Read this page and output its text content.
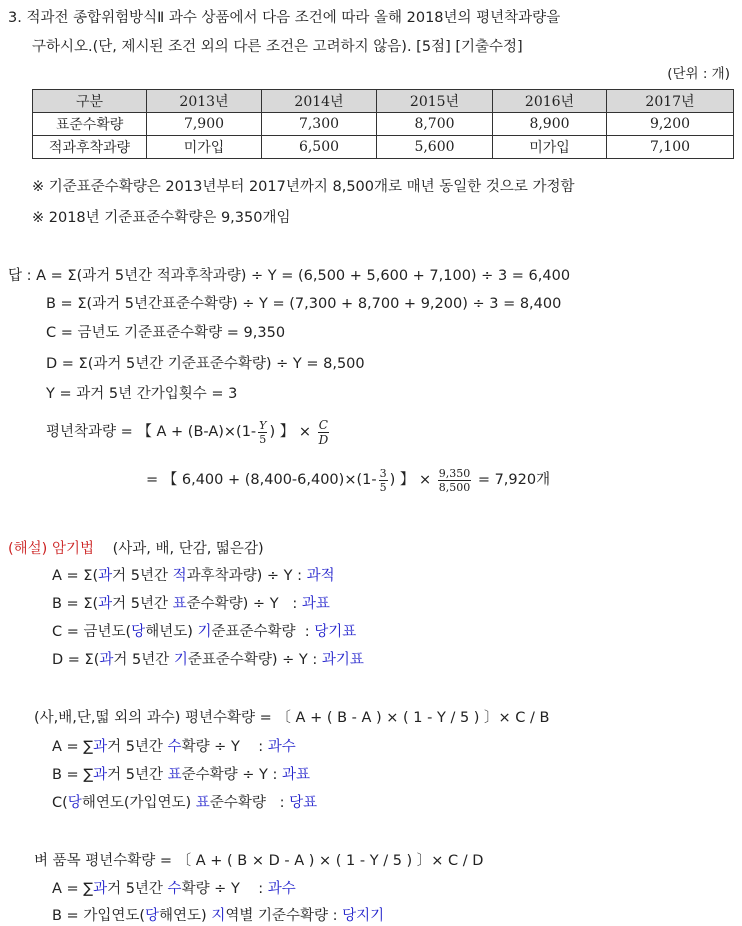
3. 적과전 종합위험방식Ⅱ 과수 상품에서 다음 조건에 따라 올해 2018년의 평년착과량을
구하시오.(단, 제시된 조건 외의 다른 조건은 고려하지 않음). [5점] [기출수정]
(단위 : 개)
구분	2013년	2014년	2015년	2016년	2017년
표준수확량	7,900	7,300	8,700	8,900	9,200
적과후착과량	미가입	6,500	5,600	미가입	7,100
※ 기준표준수확량은 2013년부터 2017년까지 8,500개로 매년 동일한 것으로 가정함
※ 2018년 기준표준수확량은 9,350개임
답 : A = Σ(과거 5년간 적과후착과량) ÷ Y = (6,500 + 5,600 + 7,100) ÷ 3 = 6,400
B = Σ(과거 5년간표준수확량) ÷ Y = (7,300 + 8,700 + 9,200) ÷ 3 = 8,400
C = 금년도 기준표준수확량 = 9,350
D = Σ(과거 5년간 기준표준수확량) ÷ Y = 8,500
Y = 과거 5년 간가입횟수 = 3
평년착과량 = 【 $A + (B-A)\times(1- \frac{Y}{5}$ ) 】 × $\frac{C}{D}$
= 【 $6,400 + (8,400-6,400)\times(1- \frac{3}{5}$ ) 】 × $\frac{9,350}{8,500} = 7,920$개
(해설) 암기법 (사과, 배, 단감, 떫은감)
A = Σ(과거 5년간 적과후착과량) ÷ Y : 과적
B = Σ(과거 5년간 표준수확량) ÷ Y   : 과표
C = 금년도(당해년도) 기준표준수확량  : 당기표
D = Σ(과거 5년간 기준표준수확량) ÷ Y : 과기표
(사,배,단,떫 외의 과수) 평년수확량 = 〔 A + ( B - A ) × ( 1 - Y / 5 ) 〕× C / B
A = ∑과거 5년간 수확량 ÷ Y    : 과수
B = ∑과거 5년간 표준수확량 ÷ Y : 과표
C(당해연도(가입연도) 표준수확량   : 당표
벼 품목 평년수확량 = 〔 A + ( B × D - A ) × ( 1 - Y / 5 ) 〕× C / D
A = ∑과거 5년간 수확량 ÷ Y    : 과수
B = 가입연도(당해연도) 지역별 기준수확량 : 당지기
